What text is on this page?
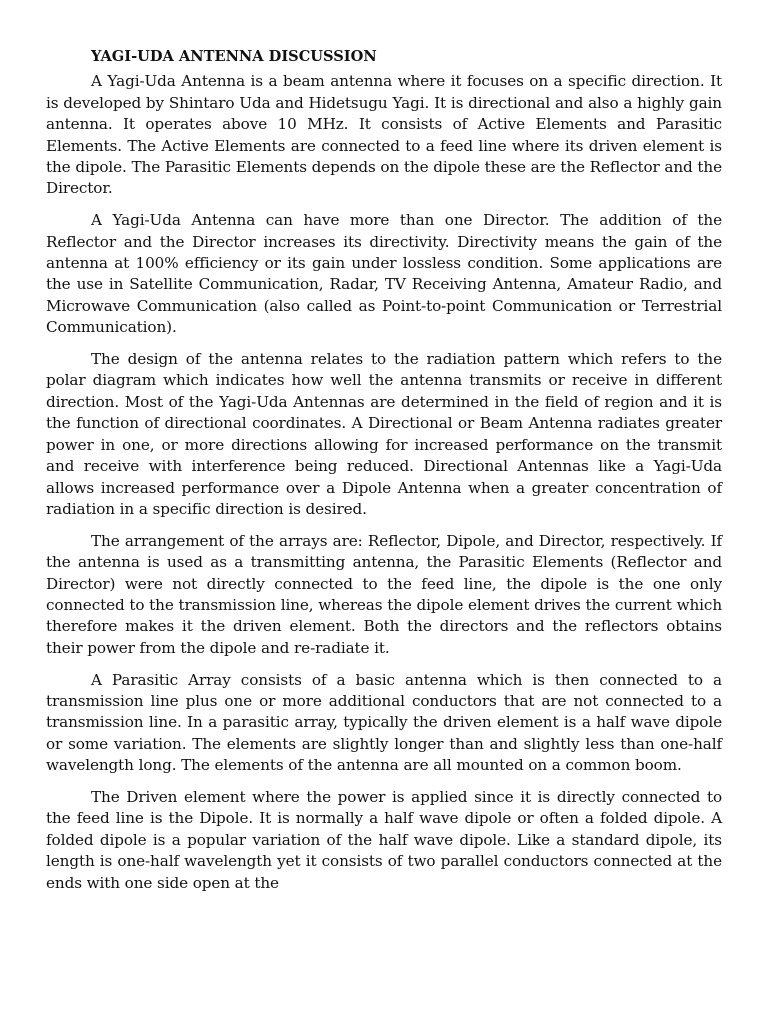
YAGI-UDA ANTENNA DISCUSSION

A Yagi-Uda Antenna is a beam antenna where it focuses on a specific direction. It is developed by Shintaro Uda and Hidetsugu Yagi. It is directional and also a highly gain antenna. It operates above 10 MHz. It consists of Active Elements and Parasitic Elements. The Active Elements are connected to a feed line where its driven element is the dipole. The Parasitic Elements depends on the dipole these are the Reflector and the Director.

A Yagi-Uda Antenna can have more than one Director. The addition of the Reflector and the Director increases its directivity. Directivity means the gain of the antenna at 100% efficiency or its gain under lossless condition. Some applications are the use in Satellite Communication, Radar, TV Receiving Antenna, Amateur Radio, and Microwave Communication (also called as Point-to-point Communication or Terrestrial Communication).

The design of the antenna relates to the radiation pattern which refers to the polar diagram which indicates how well the antenna transmits or receive in different direction. Most of the Yagi-Uda Antennas are determined in the field of region and it is the function of directional coordinates. A Directional or Beam Antenna radiates greater power in one, or more directions allowing for increased performance on the transmit and receive with interference being reduced. Directional Antennas like a Yagi-Uda allows increased performance over a Dipole Antenna when a greater concentration of radiation in a specific direction is desired.

The arrangement of the arrays are: Reflector, Dipole, and Director, respectively. If the antenna is used as a transmitting antenna, the Parasitic Elements (Reflector and Director) were not directly connected to the feed line, the dipole is the one only connected to the transmission line, whereas the dipole element drives the current which therefore makes it the driven element. Both the directors and the reflectors obtains their power from the dipole and re-radiate it.

A Parasitic Array consists of a basic antenna which is then connected to a transmission line plus one or more additional conductors that are not connected to a transmission line. In a parasitic array, typically the driven element is a half wave dipole or some variation. The elements are slightly longer than and slightly less than one-half wavelength long. The elements of the antenna are all mounted on a common boom.

The Driven element where the power is applied since it is directly connected to the feed line is the Dipole. It is normally a half wave dipole or often a folded dipole. A folded dipole is a popular variation of the half wave dipole. Like a standard dipole, its length is one-half wavelength yet it consists of two parallel conductors connected at the ends with one side open at the
